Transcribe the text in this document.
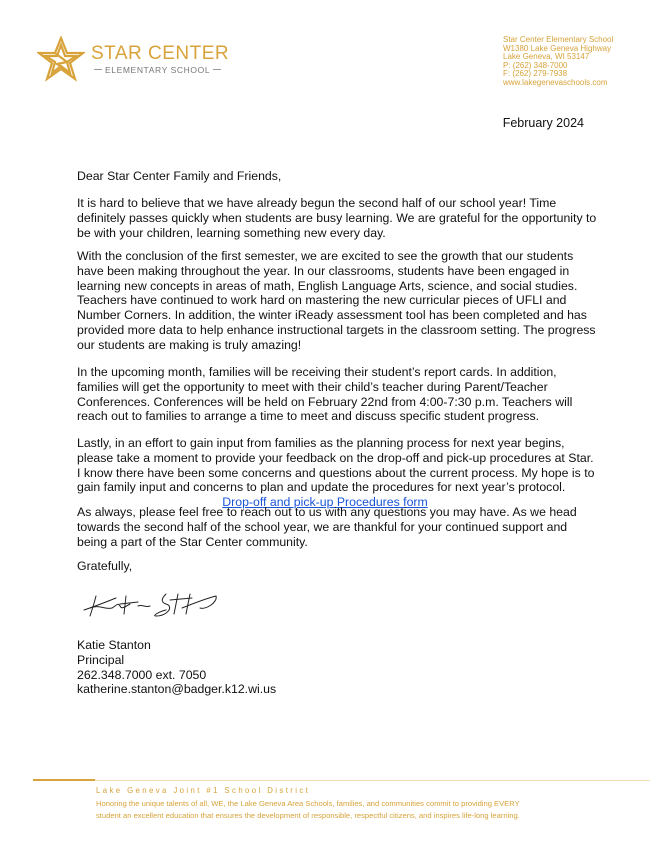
STAR CENTER
ELEMENTARY SCHOOL
Star Center Elementary School
W1380 Lake Geneva Highway
Lake Geneva, WI 53147
P: (262) 348-7000
F: (262) 279-7938
www.lakegenevaschools.com
February 2024
Dear Star Center Family and Friends,
It is hard to believe that we have already begun the second half of our school year! Time
definitely passes quickly when students are busy learning. We are grateful for the opportunity to
be with your children, learning something new every day.
With the conclusion of the first semester, we are excited to see the growth that our students
have been making throughout the year. In our classrooms, students have been engaged in
learning new concepts in areas of math, English Language Arts, science, and social studies.
Teachers have continued to work hard on mastering the new curricular pieces of UFLI and
Number Corners. In addition, the winter iReady assessment tool has been completed and has
provided more data to help enhance instructional targets in the classroom setting. The progress
our students are making is truly amazing!
In the upcoming month, families will be receiving their student’s report cards. In addition,
families will get the opportunity to meet with their child’s teacher during Parent/Teacher
Conferences. Conferences will be held on February 22nd from 4:00-7:30 p.m. Teachers will
reach out to families to arrange a time to meet and discuss specific student progress.
Lastly, in an effort to gain input from families as the planning process for next year begins,
please take a moment to provide your feedback on the drop-off and pick-up procedures at Star.
I know there have been some concerns and questions about the current process. My hope is to
gain family input and concerns to plan and update the procedures for next year’s protocol.
Drop-off and pick-up Procedures form
As always, please feel free to reach out to us with any questions you may have. As we head
towards the second half of the school year, we are thankful for your continued support and
being a part of the Star Center community.
Gratefully,
Katie Stanton
Principal
262.348.7000 ext. 7050
katherine.stanton@badger.k12.wi.us
Lake Geneva Joint #1 School District
Honoring the unique talents of all, WE, the Lake Geneva Area Schools, families, and communities commit to providing EVERY
student an excellent education that ensures the development of responsible, respectful citizens, and inspires life-long learning.
